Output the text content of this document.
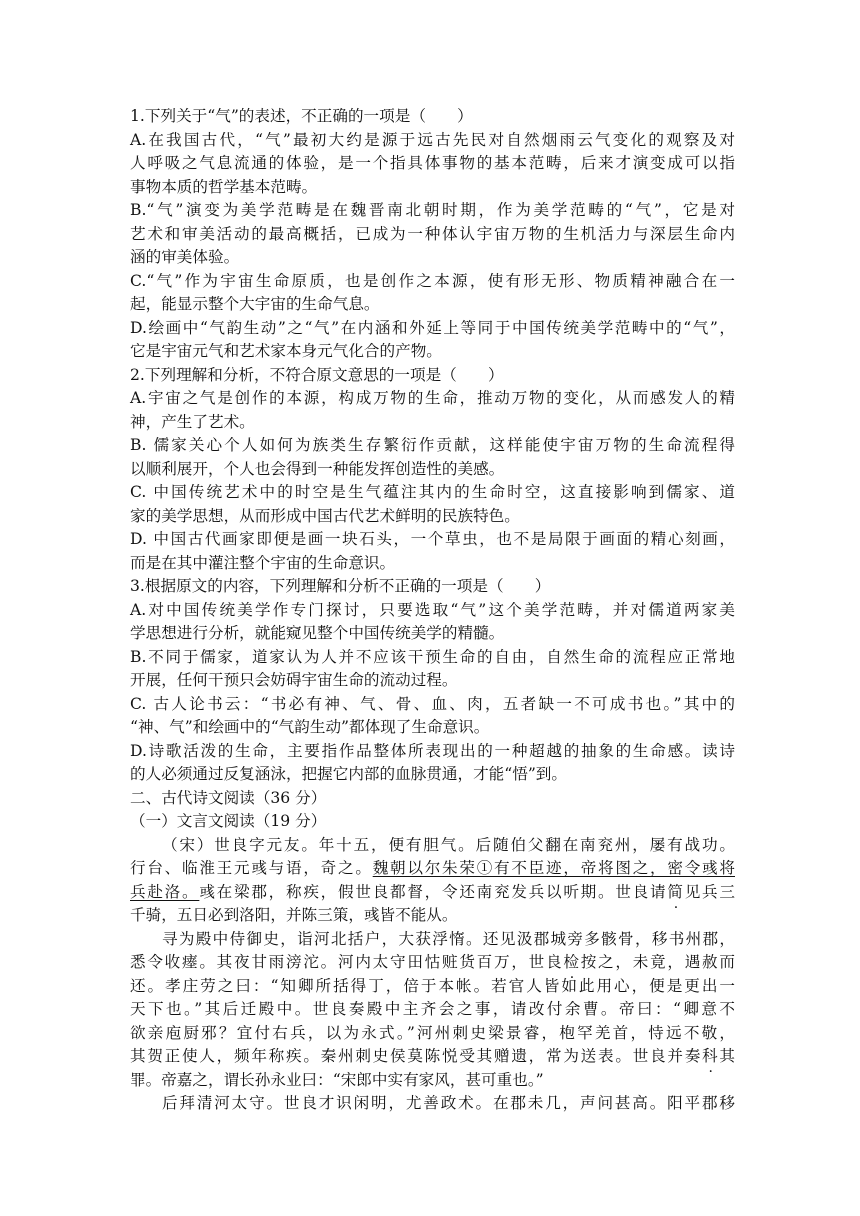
1.下列关于“气”的表述，不正确的一项是（　　）
A.在我国古代，“气”最初大约是源于远古先民对自然烟雨云气变化的观察及对
人呼吸之气息流通的体验，是一个指具体事物的基本范畴，后来才演变成可以指
事物本质的哲学基本范畴。
B.“气”演变为美学范畴是在魏晋南北朝时期，作为美学范畴的“气”，它是对
艺术和审美活动的最高概括，已成为一种体认宇宙万物的生机活力与深层生命内
涵的审美体验。
C.“气”作为宇宙生命原质，也是创作之本源，使有形无形、物质精神融合在一
起，能显示整个大宇宙的生命气息。
D.绘画中“气韵生动”之“气”在内涵和外延上等同于中国传统美学范畴中的“气”，
它是宇宙元气和艺术家本身元气化合的产物。
2.下列理解和分析，不符合原文意思的一项是（　　）
A.宇宙之气是创作的本源，构成万物的生命，推动万物的变化，从而感发人的精
神，产生了艺术。
B. 儒家关心个人如何为族类生存繁衍作贡献，这样能使宇宙万物的生命流程得
以顺利展开，个人也会得到一种能发挥创造性的美感。
C. 中国传统艺术中的时空是生气蕴注其内的生命时空，这直接影响到儒家、道
家的美学思想，从而形成中国古代艺术鲜明的民族特色。
D. 中国古代画家即便是画一块石头，一个草虫，也不是局限于画面的精心刻画，
而是在其中灌注整个宇宙的生命意识。
3.根据原文的内容，下列理解和分析不正确的一项是（　　）
A.对中国传统美学作专门探讨，只要选取“气”这个美学范畴，并对儒道两家美
学思想进行分析，就能窥见整个中国传统美学的精髓。
B.不同于儒家，道家认为人并不应该干预生命的自由，自然生命的流程应正常地
开展，任何干预只会妨碍宇宙生命的流动过程。
C. 古人论书云：“书必有神、气、骨、血、肉，五者缺一不可成书也。”其中的
“神、气”和绘画中的“气韵生动”都体现了生命意识。
D.诗歌活泼的生命，主要指作品整体所表现出的一种超越的抽象的生命感。读诗
的人必须通过反复涵泳，把握它内部的血脉贯通，才能“悟”到。
二、古代诗文阅读（36 分）
（一）文言文阅读（19 分）
（宋）世良字元友。年十五，便有胆气。后随伯父翻在南兖州，屡有战功。
行台、临淮王元彧与语，奇之。魏朝以尔朱荣①有不臣迹，帝将图之，密令彧将
兵赴洛。彧在梁郡，称疾，假世良都督，令还南兖发兵以听期。世良请简见兵三
千骑，五日必到洛阳，并陈三策，彧皆不能从。
寻为殿中侍御史，诣河北括户，大获浮惰。还见汲郡城旁多骸骨，移书州郡，
悉令收瘗。其夜甘雨滂沱。河内太守田怙赃货百万，世良检按之，未竟，遇赦而
还。孝庄劳之曰：“知卿所括得丁，倍于本帐。若官人皆如此用心，便是更出一
天下也。”其后迁殿中。世良奏殿中主齐会之事，请改付余曹。帝曰：“卿意不
欲亲庖厨邪？宜付右兵，以为永式。”河州刺史梁景睿，枹罕羌首，恃远不敬，
其贺正使人，频年称疾。秦州刺史侯莫陈悦受其赠遗，常为送表。世良并奏科其
罪。帝嘉之，谓长孙永业曰：“宋郎中实有家风，甚可重也。”
后拜清河太守。世良才识闲明，尤善政术。在郡未几，声问甚高。阳平郡移
